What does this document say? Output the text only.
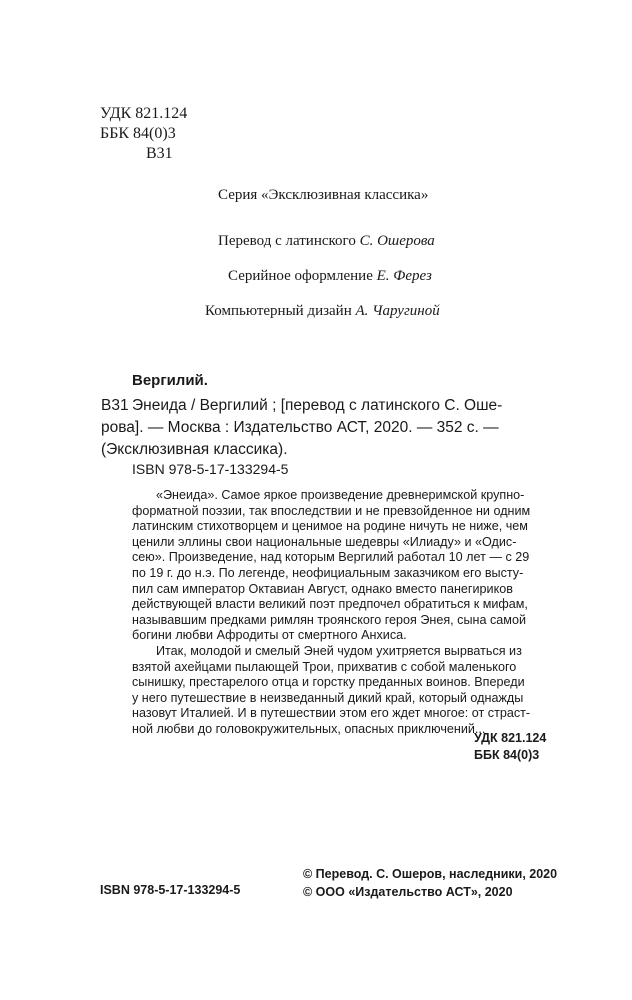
УДК 821.124
ББК 84(0)3
В31
Серия «Эксклюзивная классика»
Перевод с латинского С. Ошерова
Серийное оформление Е. Ферез
Компьютерный дизайн А. Чаругиной
Вергилий.
В31 Энеида / Вергилий ; [перевод с латинского С. Оше-
рова]. — Москва : Издательство АСТ, 2020. — 352 с. —
(Эксклюзивная классика).
ISBN 978-5-17-133294-5
«Энеида». Самое яркое произведение древнеримской крупно-
форматной поэзии, так впоследствии и не превзойденное ни одним
латинским стихотворцем и ценимое на родине ничуть не ниже, чем
ценили эллины свои национальные шедевры «Илиаду» и «Одис-
сею». Произведение, над которым Вергилий работал 10 лет — с 29
по 19 г. до н.э. По легенде, неофициальным заказчиком его высту-
пил сам император Октавиан Август, однако вместо панегириков
действующей власти великий поэт предпочел обратиться к мифам,
называвшим предками римлян троянского героя Энея, сына самой
богини любви Афродиты от смертного Анхиса.
Итак, молодой и смелый Эней чудом ухитряется вырваться из
взятой ахейцами пылающей Трои, прихватив с собой маленького
сынишку, престарелого отца и горстку преданных воинов. Впереди
у него путешествие в неизведанный дикий край, который однажды
назовут Италией. И в путешествии этом его ждет многое: от страст-
ной любви до головокружительных, опасных приключений...
УДК 821.124
ББК 84(0)3
ISBN 978-5-17-133294-5
© Перевод. С. Ошеров, наследники, 2020
© ООО «Издательство АСТ», 2020
